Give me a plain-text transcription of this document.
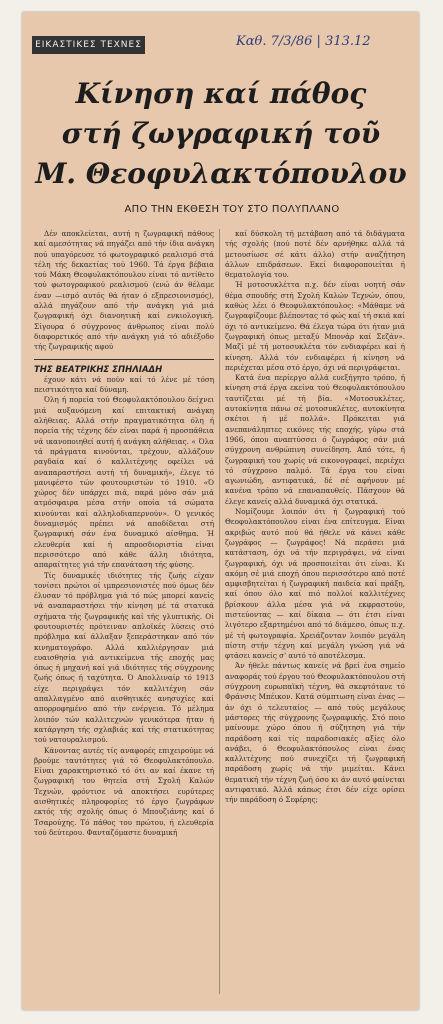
ΕΙΚΑΣΤΙΚΕΣ ΤΕΧΝΕΣ	Καθ. 7/3/86 | 313.12
Κίνηση καί πάθος
στή ζωγραφική τοῦ
Μ. Θεοφυλακτόπουλου
ΑΠΟ ΤΗΝ ΕΚΘΕΣΗ ΤΟΥ ΣΤΟ ΠΟΛΥΠΛΑΝΟ

Δέν αποκλείεται, αυτή η ζωγραφική πάθους καί αμεσότητας νά πηγάζει από τήν ίδια ανάγκη πού υπαγόρευσε τό φωτογραφικό ρεαλισμό στά τέλη τής δεκαετίας τού 1960. Τά έργα βέβαια τού Μάκη Θεοφυλακτόπουλου είναι τό αντίθετο τού φωτογραφικού ρεαλισμού (ενώ άν θέλαμε έναν —ισμό αυτός θά ήταν ό εξπρεσιονισμός), αλλά πηγάζουν από τήν ανάγκη γιά μιά ζωγραφική όχι διανοητική καί ενκιολογική. Σίγουρα ό σύγχρονος άνθρωπος είναι πολύ διαφορετικός από τήν ανάγκη γιά τό αδιέξοδο τής ζωγραφικής αφού

ΤΗΣ ΒΕΑΤΡΙΚΗΣ ΣΠΗΛΙΑΔΗ

έχουν κάτι νά πούν καί τό λένε μέ τόση πειστικότητα καί δύναμη.

Όλη ή πορεία τού Θεοφυλακτόπουλου δείχνει μιά αυξανόμενη καί επιτακτική ανάγκη αλήθειας. Αλλά στήν πραγματικότητα όλη ή πορεία τής τέχνης δέν είναι παρά ή προσπάθεια νά ικανοποιηθεί αυτή ή ανάγκη αλήθειας. « Όλα τά πράγματα κινούνται, τρέχουν, αλλάζουν ραγδαία καί ό καλλιτέχνης οφείλει νά αναπαραστήσει αυτή τή δυναμική», έλεγε τό μανιφέστο τών φουτουριστών τό 1910. «Ό χώρος δέν υπάρχει πιά, παρά μόνο σάν μιά ατμόσφαιρα μέσα στήν οποία τά σώματα κινούνται καί αλληλοδιαπερνούν». Ό γενικός δυναμισμός πρέπει νά αποδίδεται στή ζωγραφική σάν ένα δυναμικό αίσθημα. Ή ελευθερία καί ή απροσδιοριστία είναι περισσότερο από κάθε άλλη ιδιότητα, απαραίτητες γιά τήν επανάταση τής φύσης.

Τίς δυναμικές ιδιότητες τής ζωής είχαν τονίσει πρώτοι οί ιμπρεσιονιστές πού όμως δέν έλυσαν τό πρόβλημα γιά τό πώς μπορεί κανείς νά αναπαραστήσει τήν κίνηση μέ τά στατικά σχήματα τής ζωγραφικής καί τής γλυπτικής. Οί φουτουριστές πρότειναν απλοϊκές λύσεις στό πρόβλημα καί άλλαξαν ξεπεράστηκαν από τόν κινηματογράφο. Αλλά καλλιέργησαν μιά ευαισθησία γιά αντικείμενα τής εποχής μας όπως ή μηχανή καί γιά ιδιότητες τής σύγχρονης ζωής όπως ή ταχύτητα. Ό Απολλιναίρ τό 1913 είχε περιγράψει τόν καλλιτέχνη σάν απαλλαγμένο από αισθητικές ανησυχίες καί απορροφημένο από τήν ενέργεια. Τό μέλημα λοιπόν τών καλλιτεχνών γενικότερα ήταν ή κατάργηση τής σχλαβιάς καί τής στατικότητας τού νατουραλισμού.

Κάνοντας αυτές τίς αναφορές επιχειρούμε νά βρούμε ταυτότητες γιά τό Θεοφυλακτόπουλο. Είναι χαρακτηριστικό τό ότι αν καί έκανε τή ζωγραφική του θητεία στή Σχολή Καλών Τεχνών, φρόντισε νά αποκτήσει ευρύτερες αισθητικές πληροφορίες τό έργο ζωγράφων εκτός τής σχολής όπως ό Μπουζιάνης καί ό Τσαρούχης. Τό πάθος του πρώτου, ή ελευθερία τού δεύτερου. Φανταζόμαστε δυναμική

καί δύσκολη τή μετάβαση από τά διδάγματα τής σχολής (πού ποτέ δέν αρνήθηκε αλλά τά μετουσίωσε σέ κάτι άλλο) στήν αναζήτηση άλλων επιδράσεων. Εκεί διαφοροποιείται ή θεματολογία του.

Ή μοτοσυκλέττα π.χ. δέν είναι νοητή σάν θέμα σπουδής στή Σχολή Καλών Τεχνών, όπου, καθώς λέει ό Θεοφυλακτόπουλος: «Μάθαμε νά ζωγραφίζουμε βλέποντας τό φώς καί τή σκιά καί όχι τό αντικείμενο. Θά έλεγα τώρα ότι ήταν μιά ζωγραφική όπως μεταξύ Μπονάρ καί Σεζάν». Μαζί μέ τή μοτοσυκλέτα τόν ενδιαφέρει καί ή κίνηση. Αλλά τόν ενδιαφέρει ή κίνηση νά περιέχεται μέσα στό έργο, όχι νά περιγράφεται.

Κατά ένα περίεργο αλλά ευεξήγητο τρόπο, ή κίνηση στά έργα εκείνα τού Θεοφυλακτόπουλου ταυτίζεται μέ τή βία. «Μοτοσυκλέτες, αυτοκίνητα πάνω σέ μοτοσυκλέτες, αυτοκίνητα σκέτοι ή μέ πολλά». Πρόκειται γιά ανεπανάληπτες εικόνες τής εποχής, γύρω στά 1966, όπου αναπτύσσει ό ζωγράφος σάν μιά σύγχρονη ανθρώπινη συνείδηση. Από τότε, ή ζωγραφική του χωρίς νά εικονογραφεί, περιέχει τό σύγχρονο παλμό. Τά έργα του είναι αγωνιώδη, αντιφατικά, δέ σέ αφήνουν μέ κανένα τρόπο νά επαναπαυθείς. Πάσχουν θά έλεγε κανείς αλλά δυναμικά όχι στατικά.

Νομίζουμε λοιπόν ότι ή ζωγραφική τού Θεοφυλακτόπουλου είναι ένα επίτευγμα. Είναι ακριβώς αυτό πού θά ήθελε νά κάνει κάθε ζωγράφος — ζωγράφος! Νά περάσει μιά κατάσταση, όχι νά τήν περιγράψει, νά είναι ζωγραφική, όχι νά προσποιείται ότι είναι. Κι ακόμη σέ μιά εποχή όπου περισσότερο από ποτέ αμφισβητείται ή ζωγραφική παιδεία καί πράξη, καί όπου όλο καί πιό πολλοί καλλιτέχνες βρίσκουν άλλα μέσα γιά νά εκφραστούν, πιστεύοντας — καί δίκαια — ότι έτσι είναι λιγότερο εξαρτημένοι από τό διάμεσο, όπως π.χ. μέ τή φωτογραφία. Χρειάζονταν λοιπόν μεγάλη πίστη στήν τέχνη καί μεγάλη γνώση γιά νά φτάσει κανείς σ' αυτό τό αποτέλεσμα.

Άν ήθελε πάντως κανείς νά βρεί ένα σημείο αναφοράς τού έργου τού Θεοφυλακτόπουλου στή σύγχρονη ευρωπαϊκή τέχνη, θά σκεφτότανε τό Φράνσις Μπέικον. Κατά σύμπτωση είναι ένας — άν όχι ό τελευταίος — από τούς μεγάλους μάστορες τής σύγχρονης ζωγραφικής. Στό ποιο μαίνουμε χώρο όπου ή σύζητηση γιά τήν παράδοση καί τίς παραδοσιακές αξίες όλο ανάβει, ό Θεοφυλακτόπουλος είναι ένας καλλιτέχνης πού συνεχίζει τή ζωγραφική παράδοση χωρίς νά τήν μιμείται. Κάνει θεματική τήν τέχνη ζωή όσο κι άν αυτό φαίνεται αντιφατικό. Άλλά κάπως έτσι δέν είχε ορίσει τήν παράδοση ό Σεφέρης;
